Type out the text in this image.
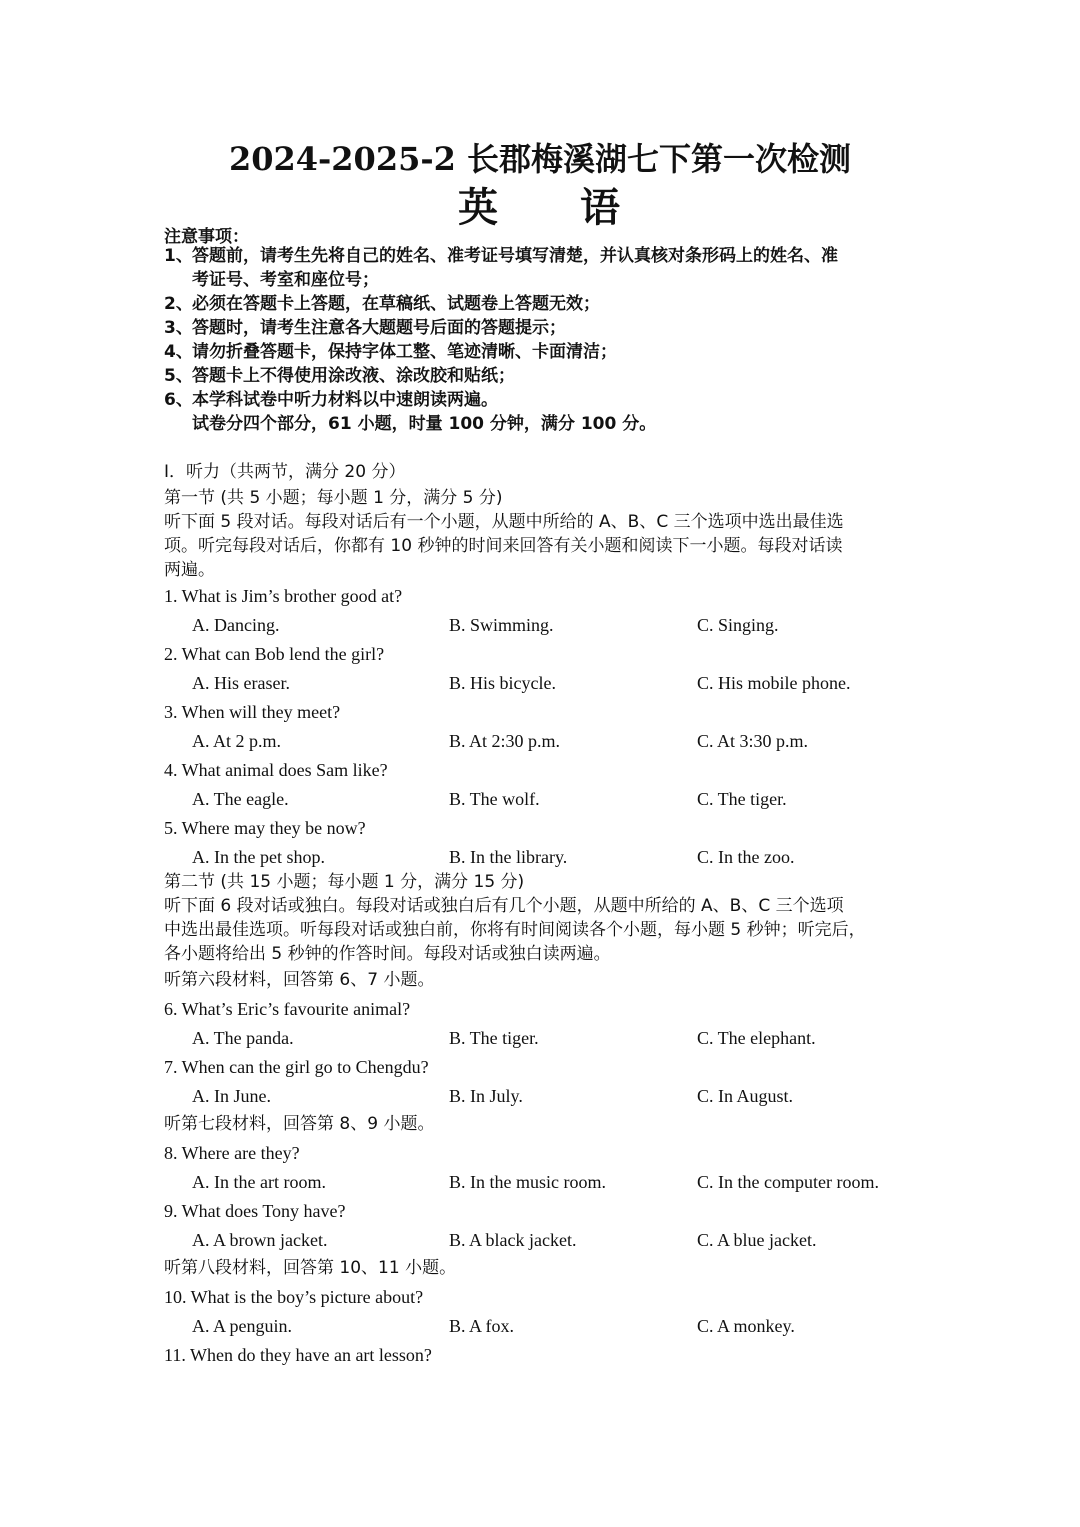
2024-2025-2 长郡梅溪湖七下第一次检测
英 语
注意事项：
1、答题前，请考生先将自己的姓名、准考证号填写清楚，并认真核对条形码上的姓名、准
考证号、考室和座位号；
2、必须在答题卡上答题，在草稿纸、试题卷上答题无效；
3、答题时，请考生注意各大题题号后面的答题提示；
4、请勿折叠答题卡，保持字体工整、笔迹清晰、卡面清洁；
5、答题卡上不得使用涂改液、涂改胶和贴纸；
6、本学科试卷中听力材料以中速朗读两遍。
试卷分四个部分，61 小题，时量 100 分钟，满分 100 分。
I．听力（共两节，满分 20 分）
第一节 (共 5 小题；每小题 1 分，满分 5 分)
听下面 5 段对话。每段对话后有一个小题，从题中所给的 A、B、C 三个选项中选出最佳选
项。听完每段对话后，你都有 10 秒钟的时间来回答有关小题和阅读下一小题。每段对话读
两遍。
1. What is Jim’s brother good at?
A. Dancing.	B. Swimming.	C. Singing.
2. What can Bob lend the girl?
A. His eraser.	B. His bicycle.	C. His mobile phone.
3. When will they meet?
A. At 2 p.m.	B. At 2:30 p.m.	C. At 3:30 p.m.
4. What animal does Sam like?
A. The eagle.	B. The wolf.	C. The tiger.
5. Where may they be now?
A. In the pet shop.	B. In the library.	C. In the zoo.
第二节 (共 15 小题；每小题 1 分，满分 15 分)
听下面 6 段对话或独白。每段对话或独白后有几个小题，从题中所给的 A、B、C 三个选项
中选出最佳选项。听每段对话或独白前，你将有时间阅读各个小题，每小题 5 秒钟；听完后，
各小题将给出 5 秒钟的作答时间。每段对话或独白读两遍。
听第六段材料，回答第 6、7 小题。
6. What’s Eric’s favourite animal?
A. The panda.	B. The tiger.	C. The elephant.
7. When can the girl go to Chengdu?
A. In June.	B. In July.	C. In August.
听第七段材料，回答第 8、9 小题。
8. Where are they?
A. In the art room.	B. In the music room.	C. In the computer room.
9. What does Tony have?
A. A brown jacket.	B. A black jacket.	C. A blue jacket.
听第八段材料，回答第 10、11 小题。
10. What is the boy’s picture about?
A. A penguin.	B. A fox.	C. A monkey.
11. When do they have an art lesson?
